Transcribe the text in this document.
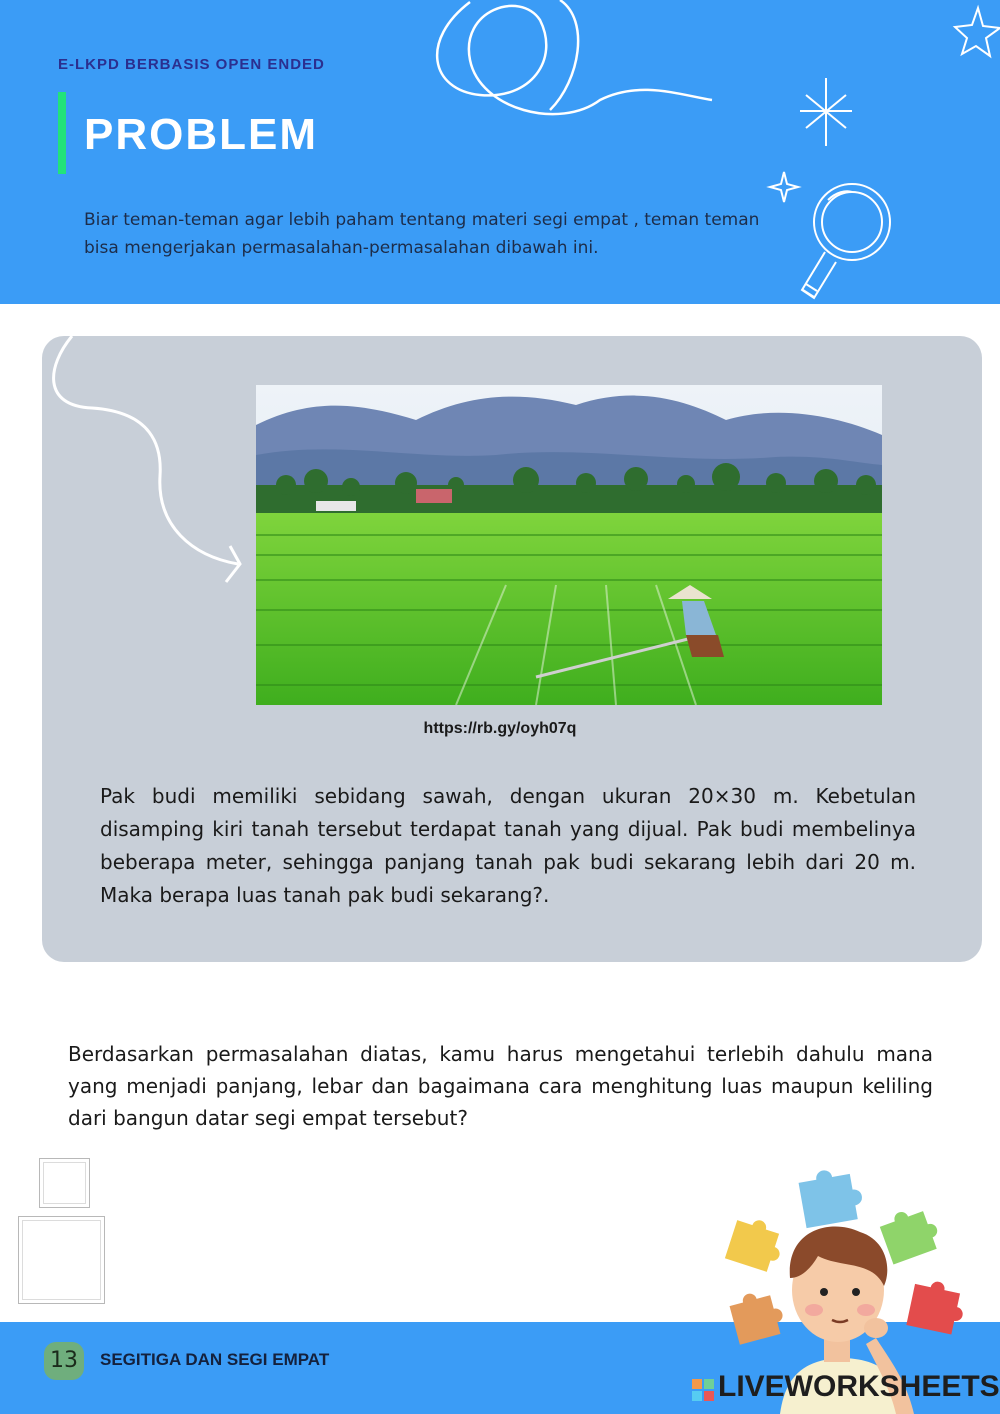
E-LKPD BERBASIS OPEN ENDED
PROBLEM
Biar teman-teman agar lebih paham tentang materi segi empat , teman teman bisa mengerjakan permasalahan-permasalahan dibawah ini.
https://rb.gy/oyh07q
Pak budi memiliki sebidang sawah, dengan ukuran 20×30 m. Kebetulan disamping kiri tanah tersebut terdapat tanah yang dijual. Pak budi membelinya beberapa meter, sehingga panjang tanah pak budi sekarang lebih dari 20 m. Maka berapa luas tanah pak budi sekarang?.
Berdasarkan permasalahan diatas, kamu harus mengetahui terlebih dahulu mana yang menjadi panjang, lebar dan bagaimana cara menghitung luas maupun keliling dari bangun datar segi empat tersebut?
13	SEGITIGA DAN SEGI EMPAT
LIVEWORKSHEETS
